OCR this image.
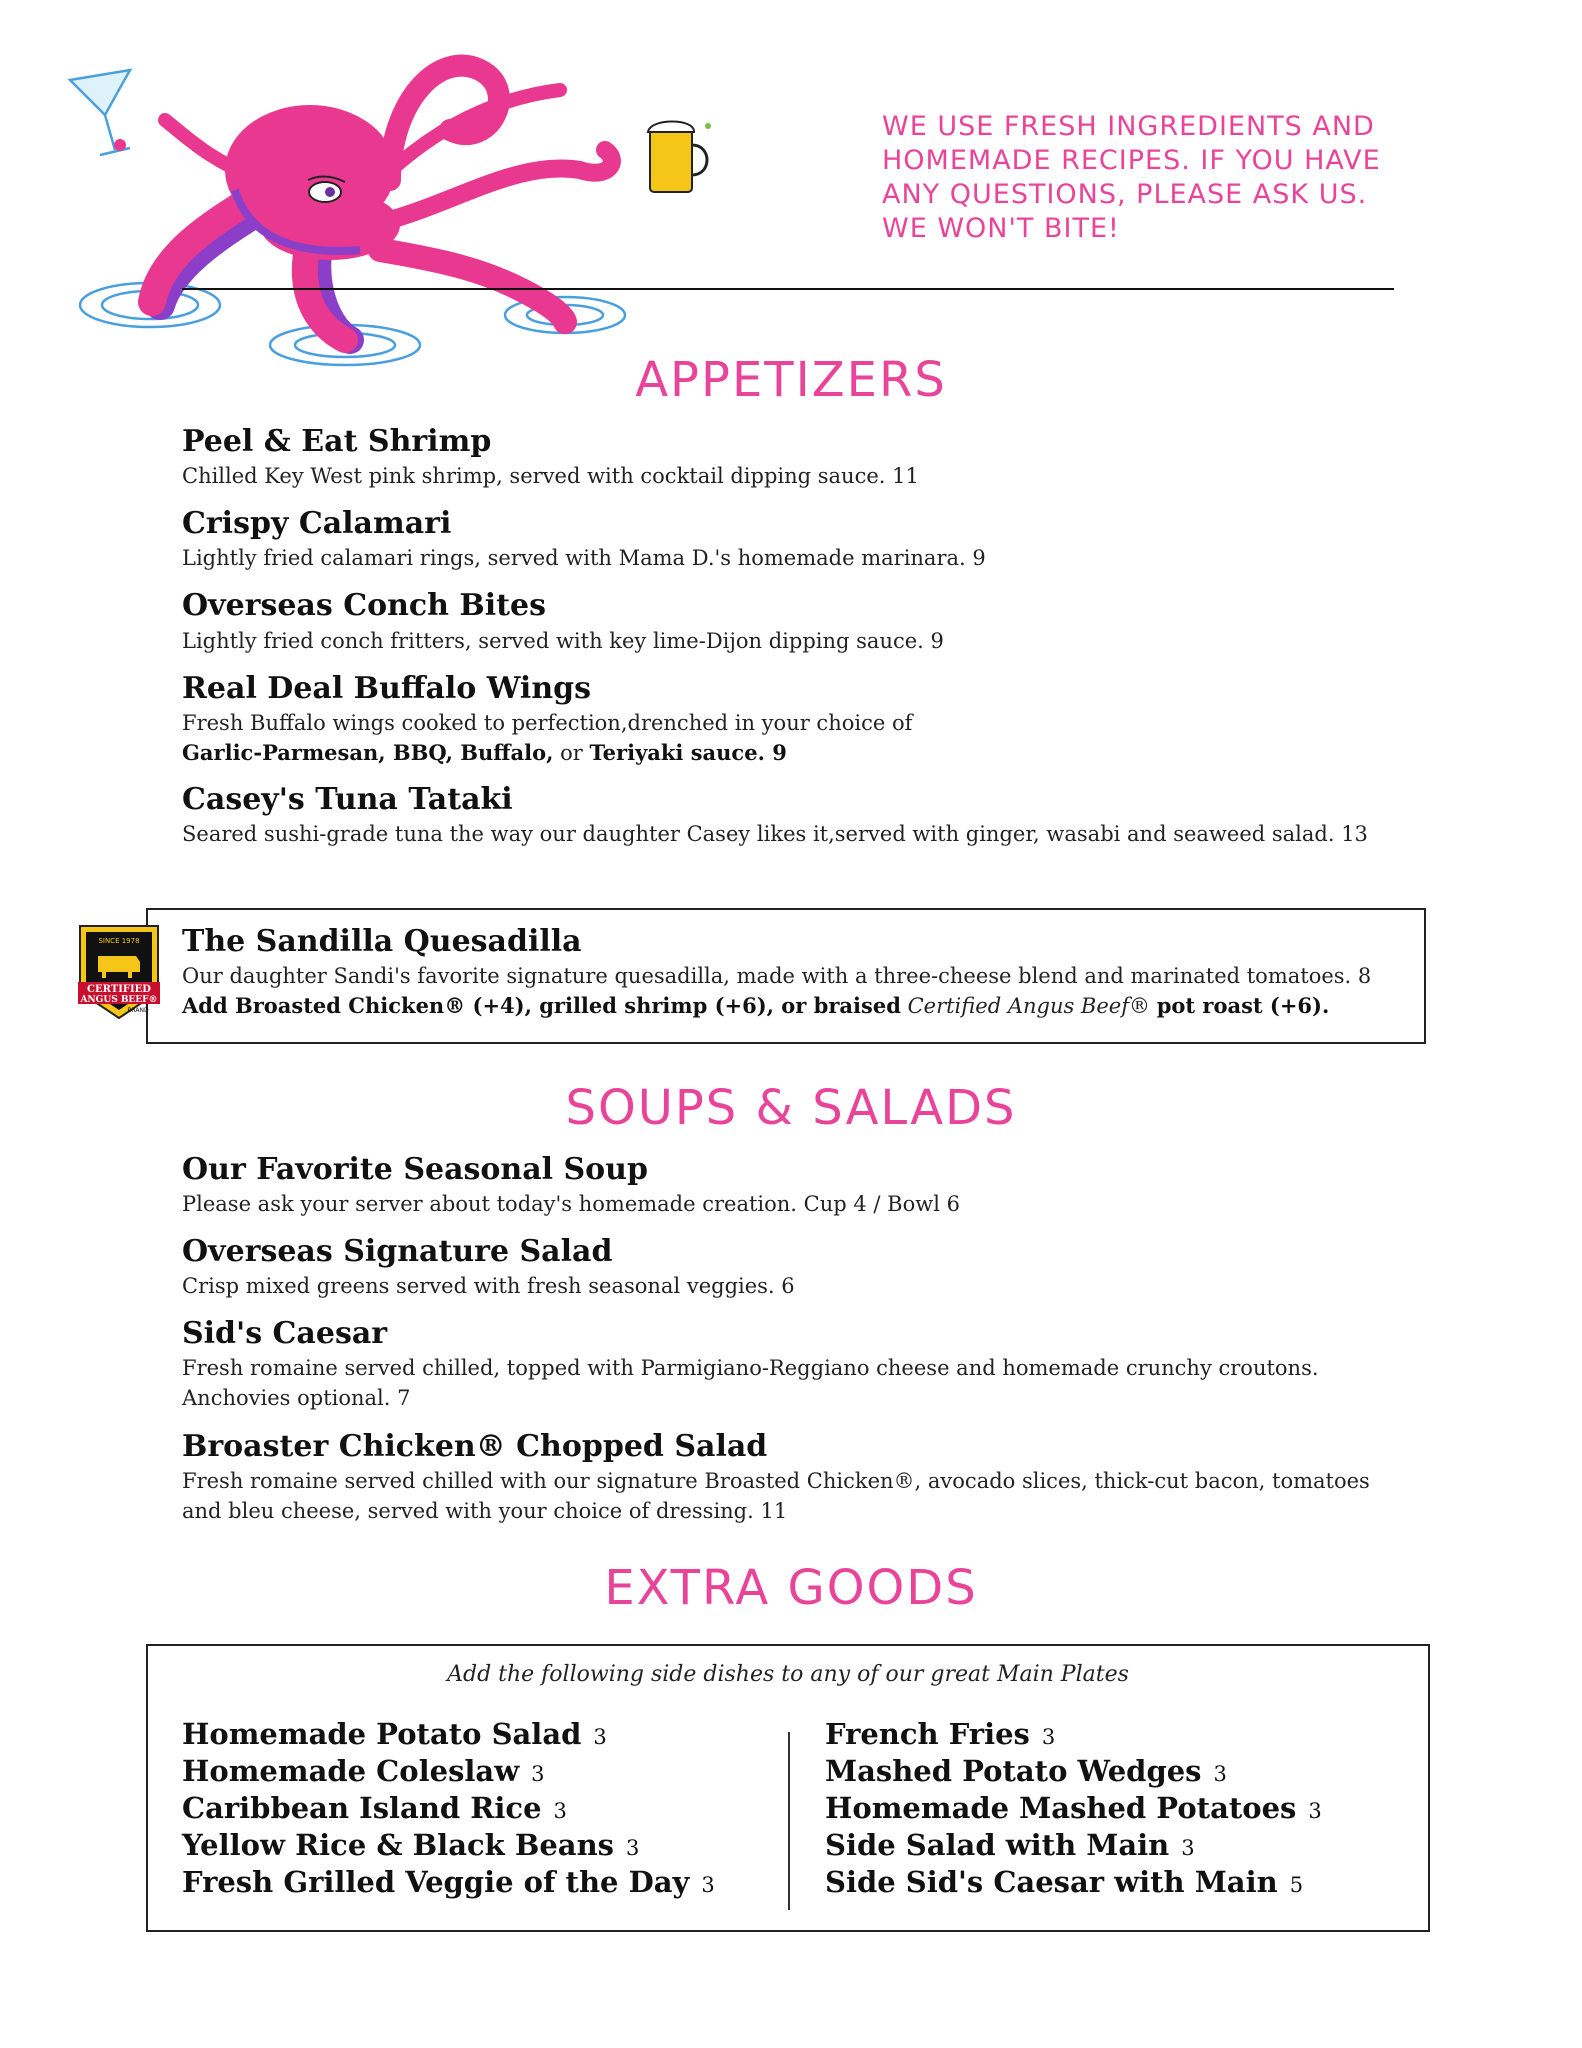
WE USE FRESH INGREDIENTS AND
HOMEMADE RECIPES. IF YOU HAVE
ANY QUESTIONS, PLEASE ASK US.
WE WON'T BITE!
APPETIZERS
Peel & Eat Shrimp
Chilled Key West pink shrimp, served with cocktail dipping sauce. 11
Crispy Calamari
Lightly fried calamari rings, served with Mama D.'s homemade marinara. 9
Overseas Conch Bites
Lightly fried conch fritters, served with key lime-Dijon dipping sauce. 9
Real Deal Buffalo Wings
Fresh Buffalo wings cooked to perfection,drenched in your choice of
Garlic-Parmesan, BBQ, Buffalo, or Teriyaki sauce. 9
Casey's Tuna Tataki
Seared sushi-grade tuna the way our daughter Casey likes it,served with ginger, wasabi and seaweed salad. 13
SINCE 1978
CERTIFIED
ANGUS BEEF®
BRAND
The Sandilla Quesadilla
Our daughter Sandi's favorite signature quesadilla, made with a three-cheese blend and marinated tomatoes. 8
Add Broasted Chicken® (+4), grilled shrimp (+6), or braised Certified Angus Beef® pot roast (+6).
SOUPS & SALADS
Our Favorite Seasonal Soup
Please ask your server about today's homemade creation. Cup 4 / Bowl 6
Overseas Signature Salad
Crisp mixed greens served with fresh seasonal veggies. 6
Sid's Caesar
Fresh romaine served chilled, topped with Parmigiano-Reggiano cheese and homemade crunchy croutons.
Anchovies optional. 7
Broaster Chicken® Chopped Salad
Fresh romaine served chilled with our signature Broasted Chicken®, avocado slices, thick-cut bacon, tomatoes
and bleu cheese, served with your choice of dressing. 11
EXTRA GOODS
Add the following side dishes to any of our great Main Plates
Homemade Potato Salad 3
Homemade Coleslaw 3
Caribbean Island Rice 3
Yellow Rice & Black Beans 3
Fresh Grilled Veggie of the Day 3
French Fries 3
Mashed Potato Wedges 3
Homemade Mashed Potatoes 3
Side Salad with Main 3
Side Sid's Caesar with Main 5
